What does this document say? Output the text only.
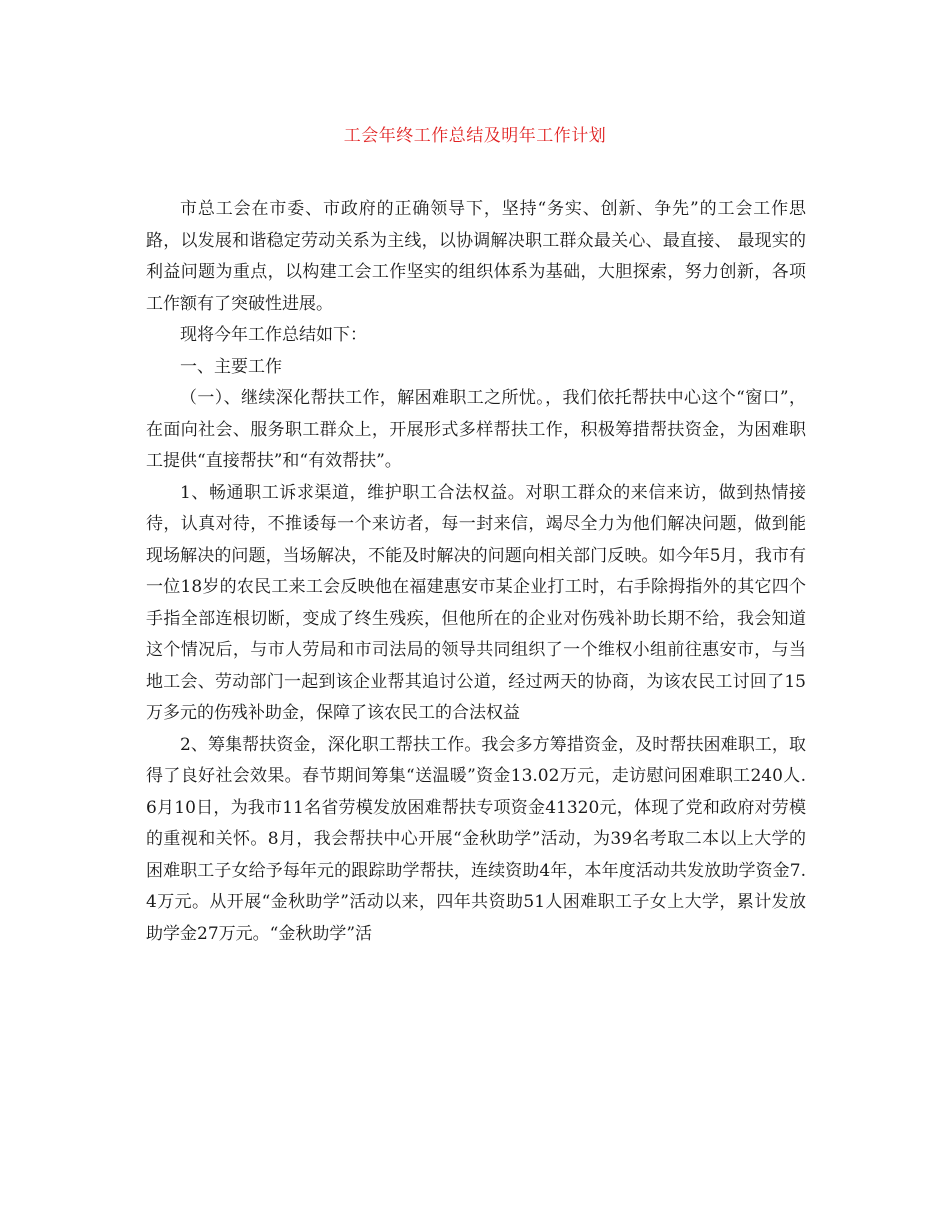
工会年终工作总结及明年工作计划

市总工会在市委、市政府的正确领导下，坚持“务实、创新、争先”的工会工作思路，以发展和谐稳定劳动关系为主线，以协调解决职工群众最关心、最直接、 最现实的利益问题为重点，以构建工会工作坚实的组织体系为基础，大胆探索，努力创新，各项工作额有了突破性进展。

现将今年工作总结如下：

一、主要工作

（一）、继续深化帮扶工作，解困难职工之所忧。，我们依托帮扶中心这个“窗口”，在面向社会、服务职工群众上，开展形式多样帮扶工作，积极筹措帮扶资金，为困难职工提供“直接帮扶”和“有效帮扶”。

1、畅通职工诉求渠道，维护职工合法权益。对职工群众的来信来访，做到热情接待，认真对待，不推诿每一个来访者，每一封来信，竭尽全力为他们解决问题，做到能现场解决的问题，当场解决，不能及时解决的问题向相关部门反映。如今年5月，我市有一位18岁的农民工来工会反映他在福建惠安市某企业打工时，右手除拇指外的其它四个手指全部连根切断，变成了终生残疾，但他所在的企业对伤残补助长期不给，我会知道这个情况后，与市人劳局和市司法局的领导共同组织了一个维权小组前往惠安市，与当地工会、劳动部门一起到该企业帮其追讨公道，经过两天的协商，为该农民工讨回了15万多元的伤残补助金，保障了该农民工的合法权益

2、筹集帮扶资金，深化职工帮扶工作。我会多方筹措资金，及时帮扶困难职工，取得了良好社会效果。春节期间筹集“送温暖”资金13.02万元，走访慰问困难职工240人. 6月10日，为我市11名省劳模发放困难帮扶专项资金41320元，体现了党和政府对劳模的重视和关怀。8月，我会帮扶中心开展“金秋助学”活动，为39名考取二本以上大学的困难职工子女给予每年元的跟踪助学帮扶，连续资助4年，本年度活动共发放助学资金7.4万元。从开展“金秋助学”活动以来，四年共资助51人困难职工子女上大学，累计发放助学金27万元。“金秋助学”活
